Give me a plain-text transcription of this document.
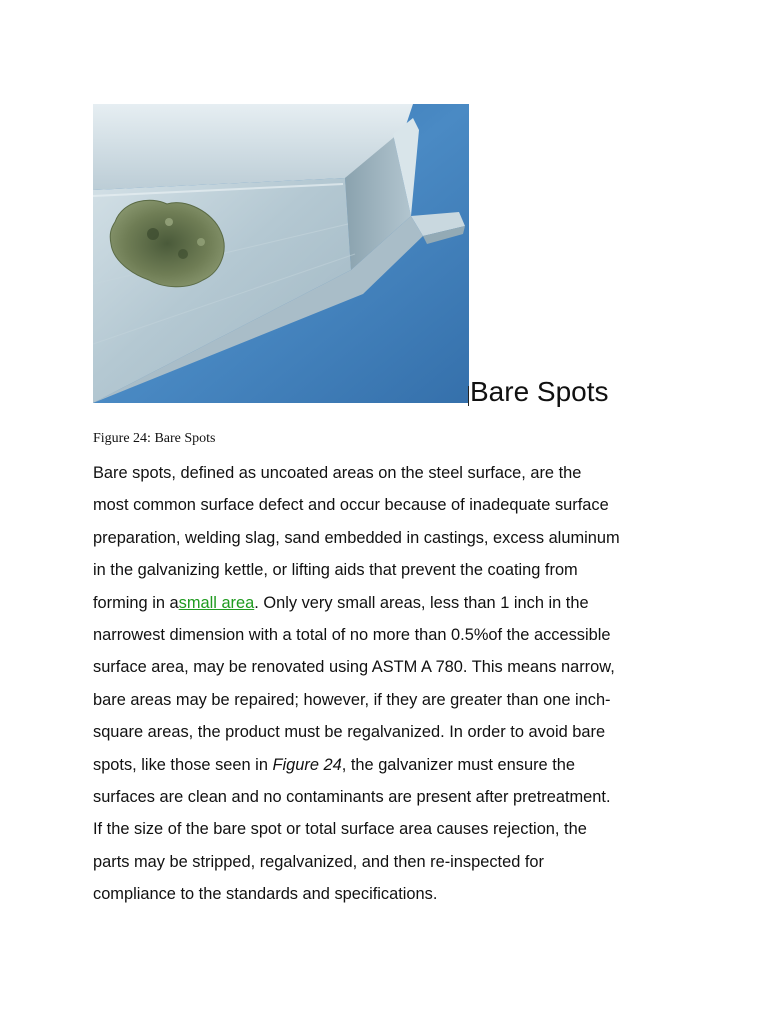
Bare Spots

Figure 24: Bare Spots

Bare spots, defined as uncoated areas on the steel surface, are the
most common surface defect and occur because of inadequate surface
preparation, welding slag, sand embedded in castings, excess aluminum
in the galvanizing kettle, or lifting aids that prevent the coating from
forming in asmall area. Only very small areas, less than 1 inch in the
narrowest dimension with a total of no more than 0.5%of the accessible
surface area, may be renovated using ASTM A 780. This means narrow,
bare areas may be repaired; however, if they are greater than one inch-
square areas, the product must be regalvanized. In order to avoid bare
spots, like those seen in Figure 24, the galvanizer must ensure the
surfaces are clean and no contaminants are present after pretreatment.
If the size of the bare spot or total surface area causes rejection, the
parts may be stripped, regalvanized, and then re-inspected for
compliance to the standards and specifications.
